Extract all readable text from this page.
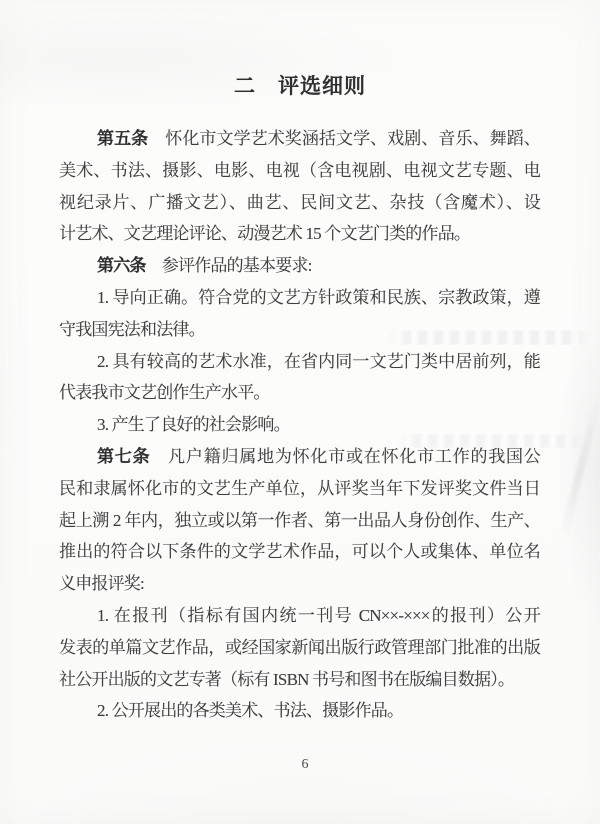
二　评选细则
第五条　怀化市文学艺术奖涵括文学、戏剧、音乐、舞蹈、
美术、书法、摄影、电影、电视（含电视剧、电视文艺专题、电
视纪录片、广播文艺）、曲艺、民间文艺、杂技（含魔术）、设
计艺术、文艺理论评论、动漫艺术 15 个文艺门类的作品。
第六条　参评作品的基本要求:
1. 导向正确。符合党的文艺方针政策和民族、宗教政策，遵
守我国宪法和法律。
2. 具有较高的艺术水准，在省内同一文艺门类中居前列，能
代表我市文艺创作生产水平。
3. 产生了良好的社会影响。
第七条　凡户籍归属地为怀化市或在怀化市工作的我国公
民和隶属怀化市的文艺生产单位，从评奖当年下发评奖文件当日
起上溯 2 年内，独立或以第一作者、第一出品人身份创作、生产、
推出的符合以下条件的文学艺术作品，可以个人或集体、单位名
义申报评奖:
1. 在报刊（指标有国内统一刊号 CN××-×××的报刊）公开
发表的单篇文艺作品，或经国家新闻出版行政管理部门批准的出版
社公开出版的文艺专著（标有 ISBN 书号和图书在版编目数据）。
2. 公开展出的各类美术、书法、摄影作品。
6
